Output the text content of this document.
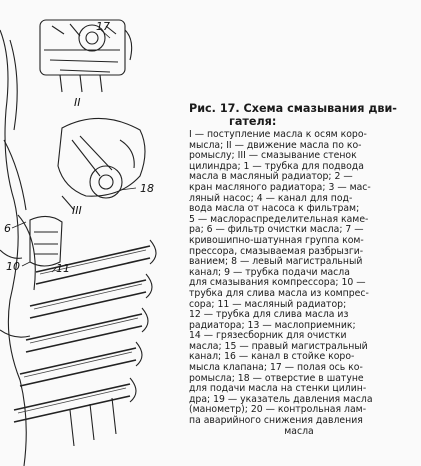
17
18
6
10	11
II
III
Рис. 17. Схема смазывания дви-
гателя:
I — поступление масла к осям коро-
мысла; II — движение масла по ко-
ромыслу; III — смазывание стенок
цилиндра; 1 — трубка для подвода
масла в масляный радиатор; 2 —
кран масляного радиатора; 3 — мас-
ляный насос; 4 — канал для под-
вода масла от насоса к фильтрам;
5 — маслораспределительная каме-
ра; 6 — фильтр очистки масла; 7 —
кривошипно-шатунная группа ком-
прессора, смазываемая разбрызги-
ванием; 8 — левый магистральный
канал; 9 — трубка подачи масла
для смазывания компрессора; 10 —
трубка для слива масла из компрес-
сора; 11 — масляный радиатор;
12 — трубка для слива масла из
радиатора; 13 — маслоприемник;
14 — грязесборник для очистки
масла; 15 — правый магистральный
канал; 16 — канал в стойке коро-
мысла клапана; 17 — полая ось ко-
ромысла; 18 — отверстие в шатуне
для подачи масла на стенки цилин-
дра; 19 — указатель давления масла
(манометр); 20 — контрольная лам-
па аварийного снижения давления
масла
